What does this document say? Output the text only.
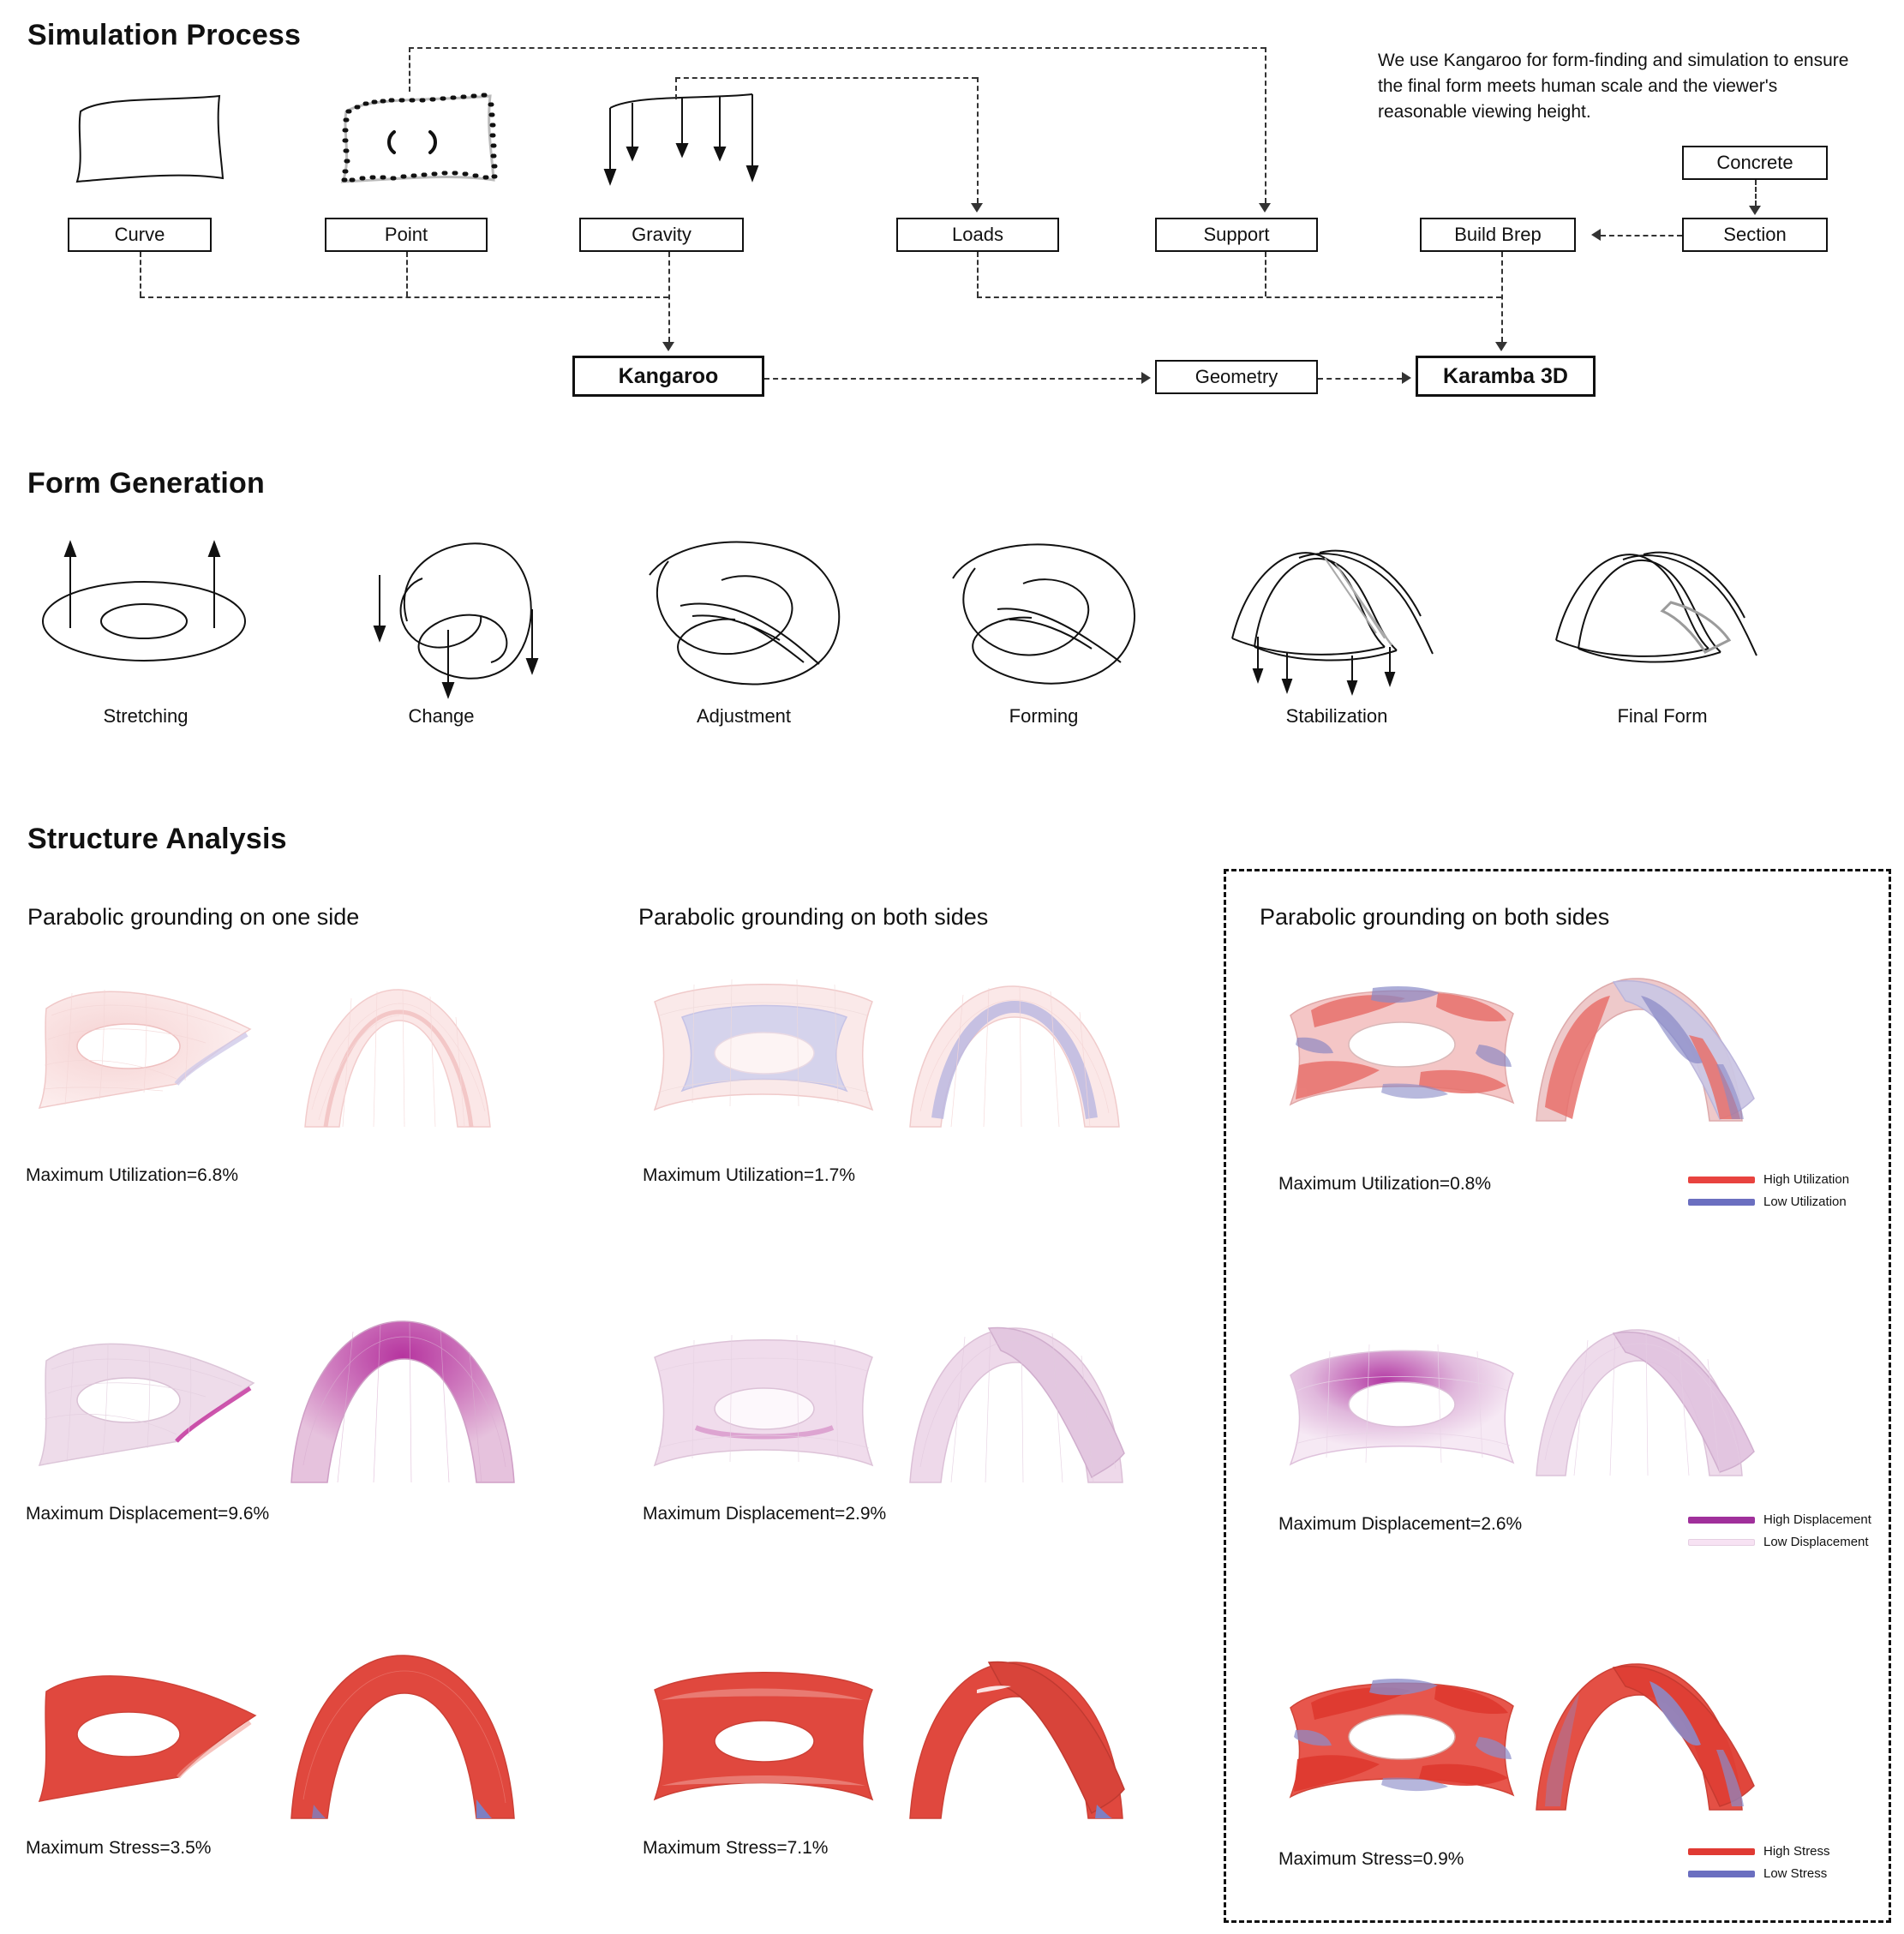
Simulation Process
We use Kangaroo for form-finding and simulation to ensure the final form meets human scale and the viewer's reasonable viewing height.
Curve	Point	Gravity	Loads	Support	Build Brep
Concrete
Section
Kangaroo	Geometry	Karamba 3D
Form Generation
Stretching	Change	Adjustment	Forming	Stabilization	Final Form
Structure Analysis
Parabolic grounding on one side	Parabolic grounding on both sides	Parabolic grounding on both sides
Maximum Utilization=6.8%	Maximum Utilization=1.7%	Maximum Utilization=0.8%	High Utilization
Low Utilization
Maximum Displacement=9.6%	Maximum Displacement=2.9%
Maximum Displacement=2.6%	High Displacement
Low Displacement
Maximum Stress=3.5%	Maximum Stress=7.1%
Maximum Stress=0.9%	High Stress
Low Stress
